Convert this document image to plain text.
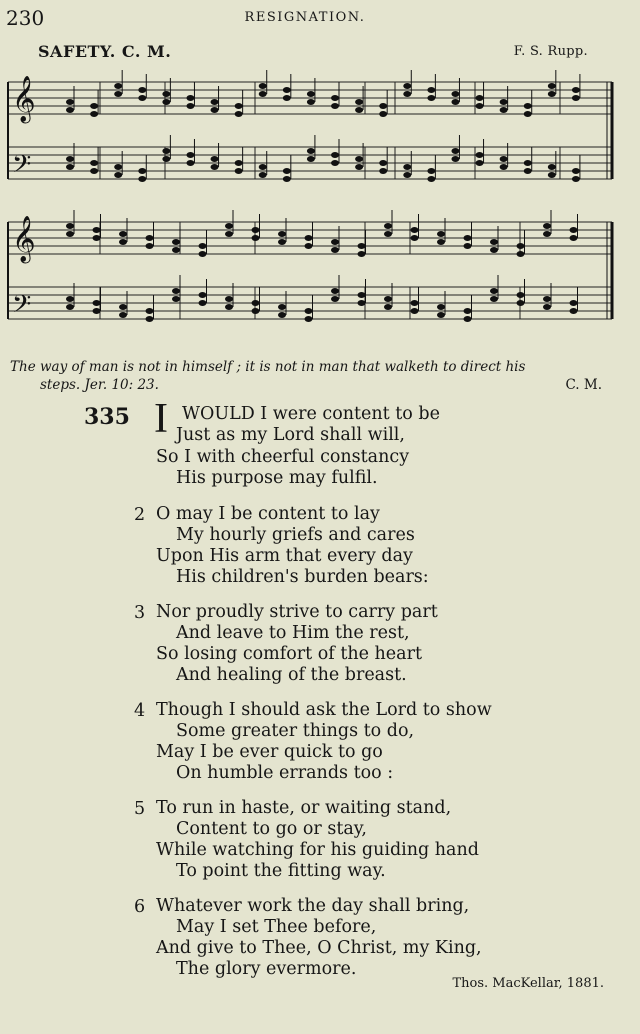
230	RESIGNATION.
SAFETY. C. M.	F. S. Rupp.
𝄞
𝄢
𝄞
𝄢
The way of man is not in himself ; it is not in man that walketh to direct his
steps. Jer. 10: 23.	C. M.
335 I WOULD I were content to be
Just as my Lord shall will,
So I with cheerful constancy
His purpose may fulfil.
2 O may I be content to lay
My hourly griefs and cares
Upon His arm that every day
His children's burden bears:
3 Nor proudly strive to carry part
And leave to Him the rest,
So losing comfort of the heart
And healing of the breast.
4 Though I should ask the Lord to show
Some greater things to do,
May I be ever quick to go
On humble errands too :
5 To run in haste, or waiting stand,
Content to go or stay,
While watching for his guiding hand
To point the fitting way.
6 Whatever work the day shall bring,
May I set Thee before,
And give to Thee, O Christ, my King,
The glory evermore.
Thos. MacKellar, 1881.
